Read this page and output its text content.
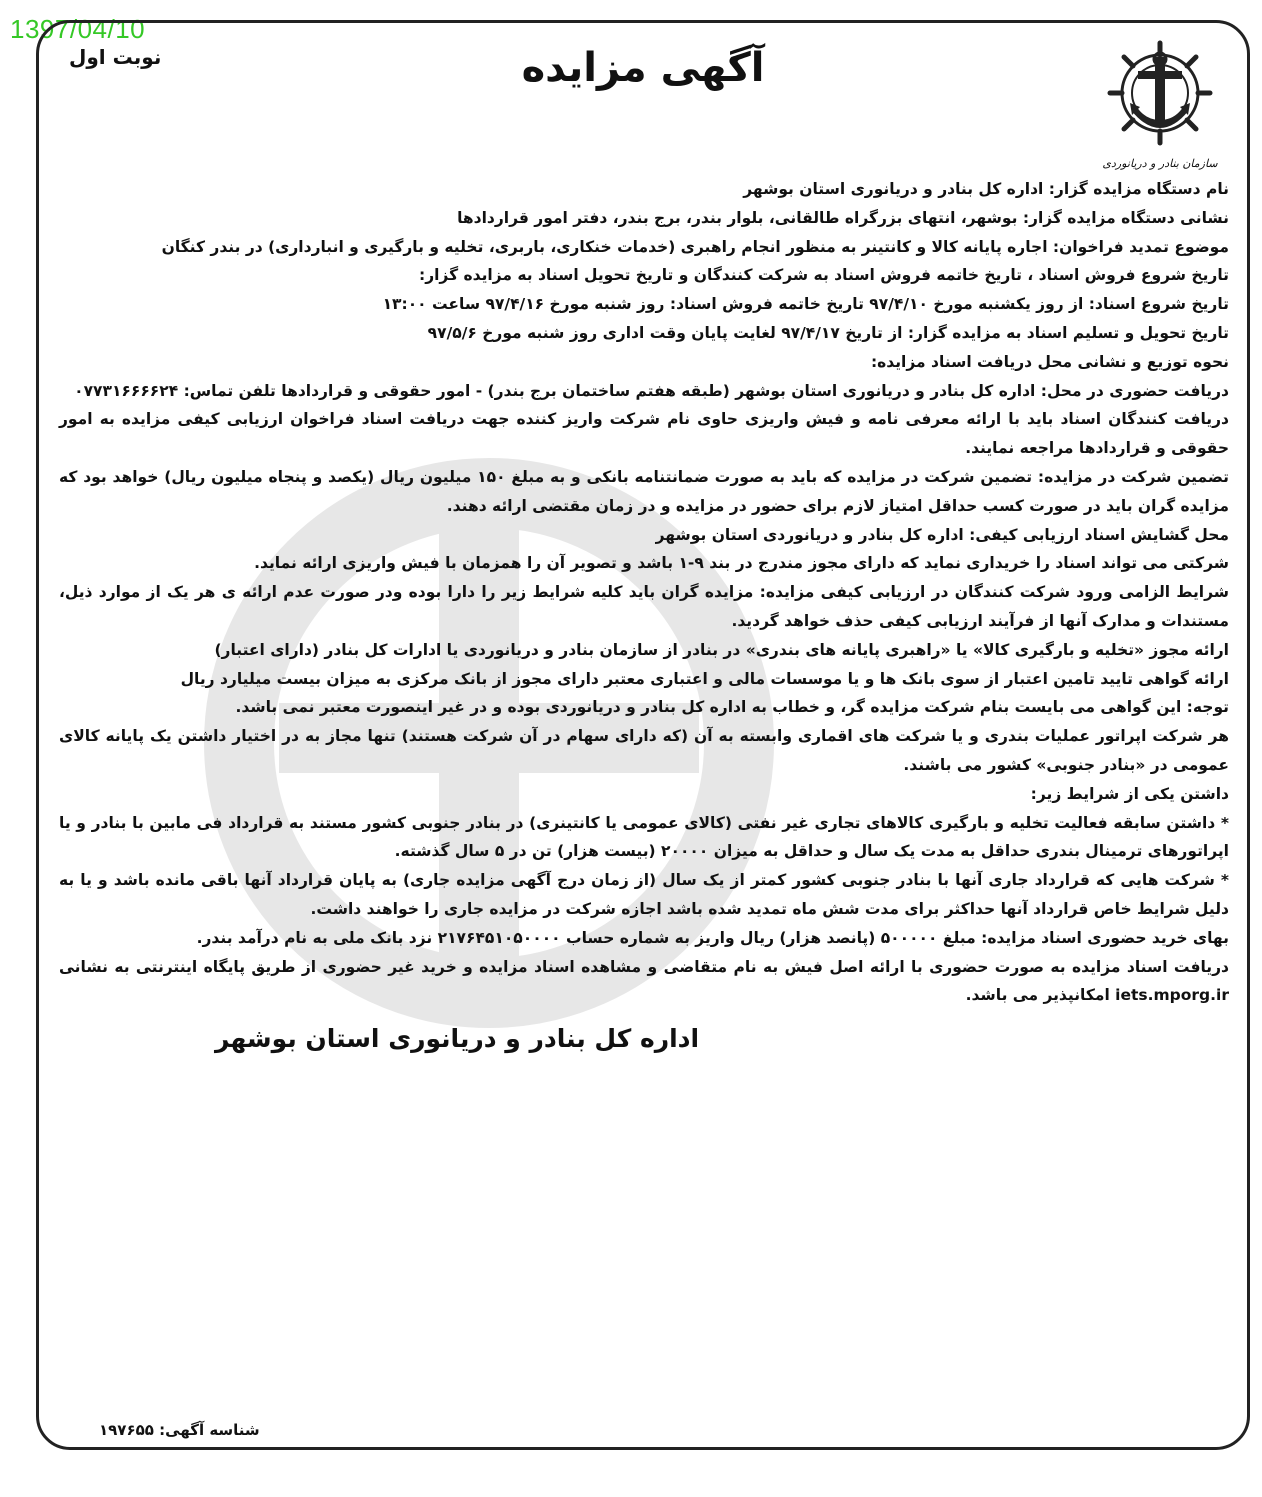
1397/04/10
سازمان بنادر و دریانوردی
آگهی مزایده
نوبت اول

نام دستگاه مزایده گزار: اداره کل بنادر و دریانوری استان بوشهر

نشانی دستگاه مزایده گزار: بوشهر، انتهای بزرگراه طالقانی، بلوار بندر، برج بندر، دفتر امور قراردادها

موضوع تمدید فراخوان: اجاره پایانه کالا و کانتینر به منظور انجام راهبری (خدمات خنکاری، باربری، تخلیه و بارگیری و انبارداری) در بندر کنگان

تاریخ شروع فروش اسناد ، تاریخ خاتمه فروش اسناد به شرکت کنندگان و تاریخ تحویل اسناد به مزایده گزار:

تاریخ شروع اسناد: از روز یکشنبه مورخ ۹۷/۴/۱۰ تاریخ خاتمه فروش اسناد: روز شنبه مورخ ۹۷/۴/۱۶ ساعت ۱۳:۰۰

تاریخ تحویل و تسلیم اسناد به مزایده گزار: از تاریخ ۹۷/۴/۱۷ لغایت پایان وقت اداری روز شنبه مورخ ۹۷/۵/۶

نحوه توزیع و نشانی محل دریافت اسناد مزایده:

دریافت حضوری در محل: اداره کل بنادر و دریانوری استان بوشهر (طبقه هفتم ساختمان برج بندر) - امور حقوقی و قراردادها تلفن تماس: ۰۷۷۳۱۶۶۶۶۲۴

دریافت کنندگان اسناد باید با ارائه معرفی نامه و فیش واریزی حاوی نام شرکت واریز کننده جهت دریافت اسناد فراخوان ارزیابی کیفی مزایده به امور حقوقی و قراردادها مراجعه نمایند.

تضمین شرکت در مزایده: تضمین شرکت در مزایده که باید به صورت ضمانتنامه بانکی و به مبلغ ۱۵۰ میلیون ریال (یکصد و پنجاه میلیون ریال) خواهد بود که مزایده گران باید در صورت کسب حداقل امتیاز لازم برای حضور در مزایده و در زمان مقتضی ارائه دهند.

محل گشایش اسناد ارزیابی کیفی: اداره کل بنادر و دریانوردی استان بوشهر

شرکتی می تواند اسناد را خریداری نماید که دارای مجوز مندرج در بند ۹-۱ باشد و تصویر آن را همزمان با فیش واریزی ارائه نماید.

شرایط الزامی ورود شرکت کنندگان در ارزیابی کیفی مزایده: مزایده گران باید کلیه شرایط زیر را دارا بوده ودر صورت عدم ارائه ی هر یک از موارد ذیل، مستندات و مدارک آنها از فرآیند ارزیابی کیفی حذف خواهد گردید.

ارائه مجوز «تخلیه و بارگیری کالا» یا «راهبری پایانه های بندری» در بنادر از سازمان بنادر و دریانوردی یا ادارات کل بنادر (دارای اعتبار)

ارائه گواهی تایید تامین اعتبار از سوی بانک ها و یا موسسات مالی و اعتباری معتبر دارای مجوز از بانک مرکزی به میزان بیست میلیارد ریال

توجه: این گواهی می بایست بنام شرکت مزایده گر، و خطاب به اداره کل بنادر و دریانوردی بوده و در غیر اینصورت معتبر نمی باشد.

هر شرکت اپراتور عملیات بندری و یا شرکت های اقماری وابسته به آن (که دارای سهام در آن شرکت هستند) تنها مجاز به در اختیار داشتن یک پایانه کالای عمومی در «بنادر جنوبی» کشور می باشند.

داشتن یکی از شرایط زیر:

* داشتن سابقه فعالیت تخلیه و بارگیری کالاهای تجاری غیر نفتی (کالای عمومی یا کانتینری) در بنادر جنوبی کشور مستند به قرارداد فی مابین با بنادر و یا اپراتورهای ترمینال بندری حداقل به مدت یک سال و حداقل به میزان ۲۰۰۰۰ (بیست هزار) تن در ۵ سال گذشته.

* شرکت هایی که قرارداد جاری آنها با بنادر جنوبی کشور کمتر از یک سال (از زمان درج آگهی مزایده جاری) به پایان قرارداد آنها باقی مانده باشد و یا به دلیل شرایط خاص قرارداد آنها حداکثر برای مدت شش ماه تمدید شده باشد اجازه شرکت در مزایده جاری را خواهند داشت.

بهای خرید حضوری اسناد مزایده: مبلغ ۵۰۰۰۰۰ (پانصد هزار) ریال واریز به شماره حساب ۲۱۷۶۴۵۱۰۵۰۰۰۰ نزد بانک ملی به نام درآمد بندر.

دریافت اسناد مزایده به صورت حضوری با ارائه اصل فیش به نام متقاضی و مشاهده اسناد مزایده و خرید غیر حضوری از طریق پایگاه اینترنتی به نشانی iets.mporg.ir امکانپذیر می باشد.

اداره کل بنادر و دریانوری استان بوشهر
شناسه آگهی: ۱۹۷۶۵۵
